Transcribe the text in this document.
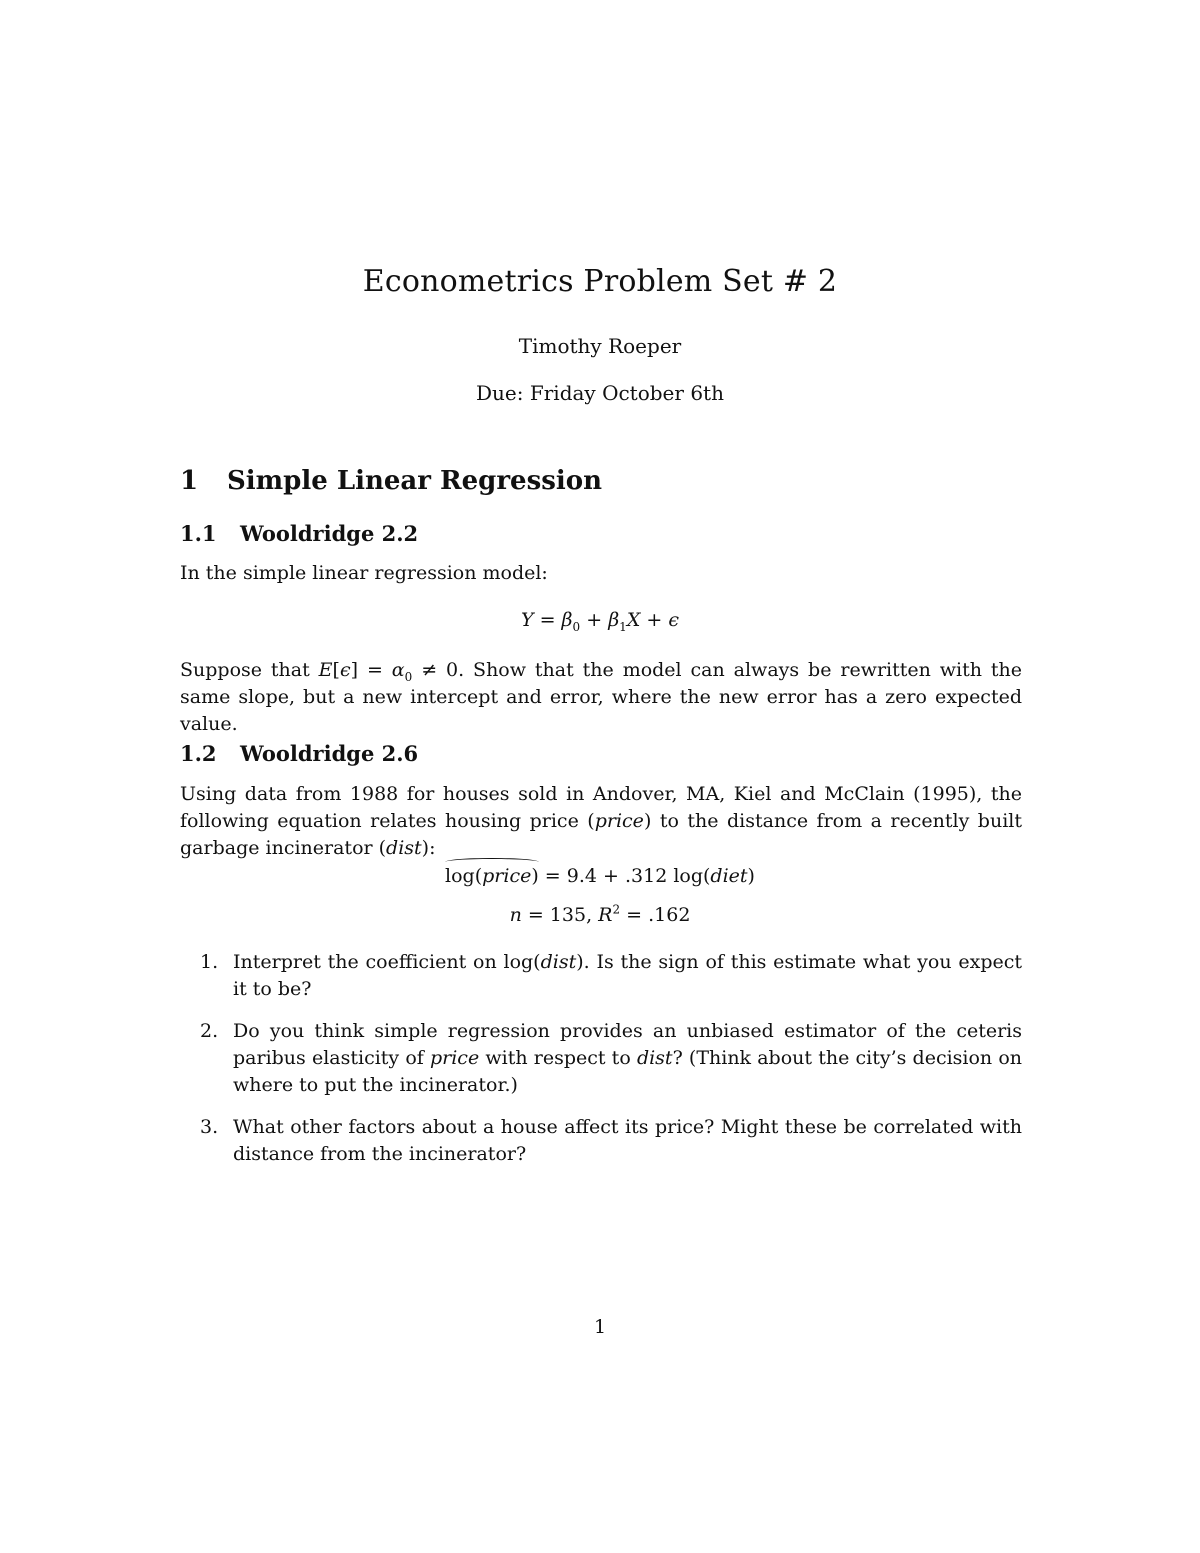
Econometrics Problem Set # 2
Timothy Roeper
Due: Friday October 6th
1 Simple Linear Regression
1.1 Wooldridge 2.2
In the simple linear regression model:
$Y = \beta_0 + \beta_1X + \epsilon$
Suppose that $E[\epsilon] = \alpha_0 \ne 0$. Show that the model can always be rewritten with the same slope, but a new intercept and error, where the new error has a zero expected value.
1.2 Wooldridge 2.6
Using data from 1988 for houses sold in Andover, MA, Kiel and McClain (1995), the following equation relates housing price (price) to the distance from a recently built garbage incinerator (dist):
log(price) = 9.4 + .312 log(diet)
n = 135, $R^2 = .162$
1. Interpret the coefficient on log(dist). Is the sign of this estimate what you expect it to be?
2. Do you think simple regression provides an unbiased estimator of the ceteris paribus elasticity of price with respect to dist? (Think about the city’s decision on where to put the incinerator.)
3. What other factors about a house affect its price? Might these be correlated with distance from the incinerator?
1
